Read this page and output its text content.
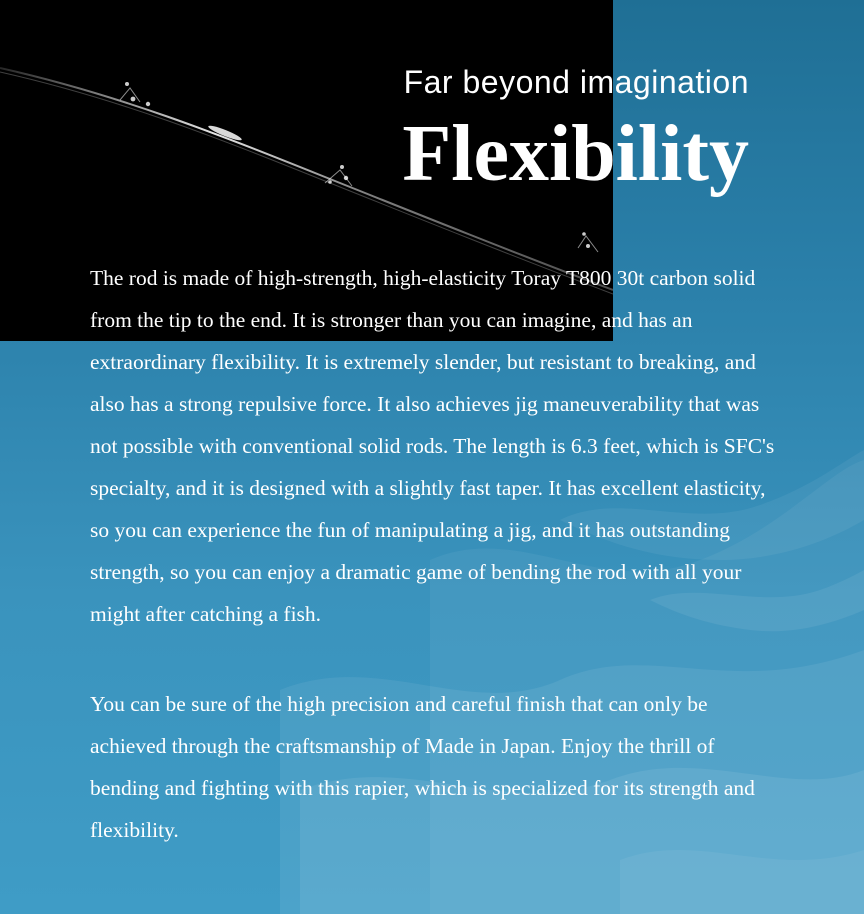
Far beyond imagination
Flexibility

The rod is made of high-strength, high-elasticity Toray T800 30t carbon solid from the tip to the end. It is stronger than you can imagine, and has an extraordinary flexibility. It is extremely slender, but resistant to breaking, and also has a strong repulsive force. It also achieves jig maneuverability that was not possible with conventional solid rods. The length is 6.3 feet, which is SFC's specialty, and it is designed with a slightly fast taper. It has excellent elasticity, so you can experience the fun of manipulating a jig, and it has outstanding strength, so you can enjoy a dramatic game of bending the rod with all your might after catching a fish.

You can be sure of the high precision and careful finish that can only be achieved through the craftsmanship of Made in Japan. Enjoy the thrill of bending and fighting with this rapier, which is specialized for its strength and flexibility.
